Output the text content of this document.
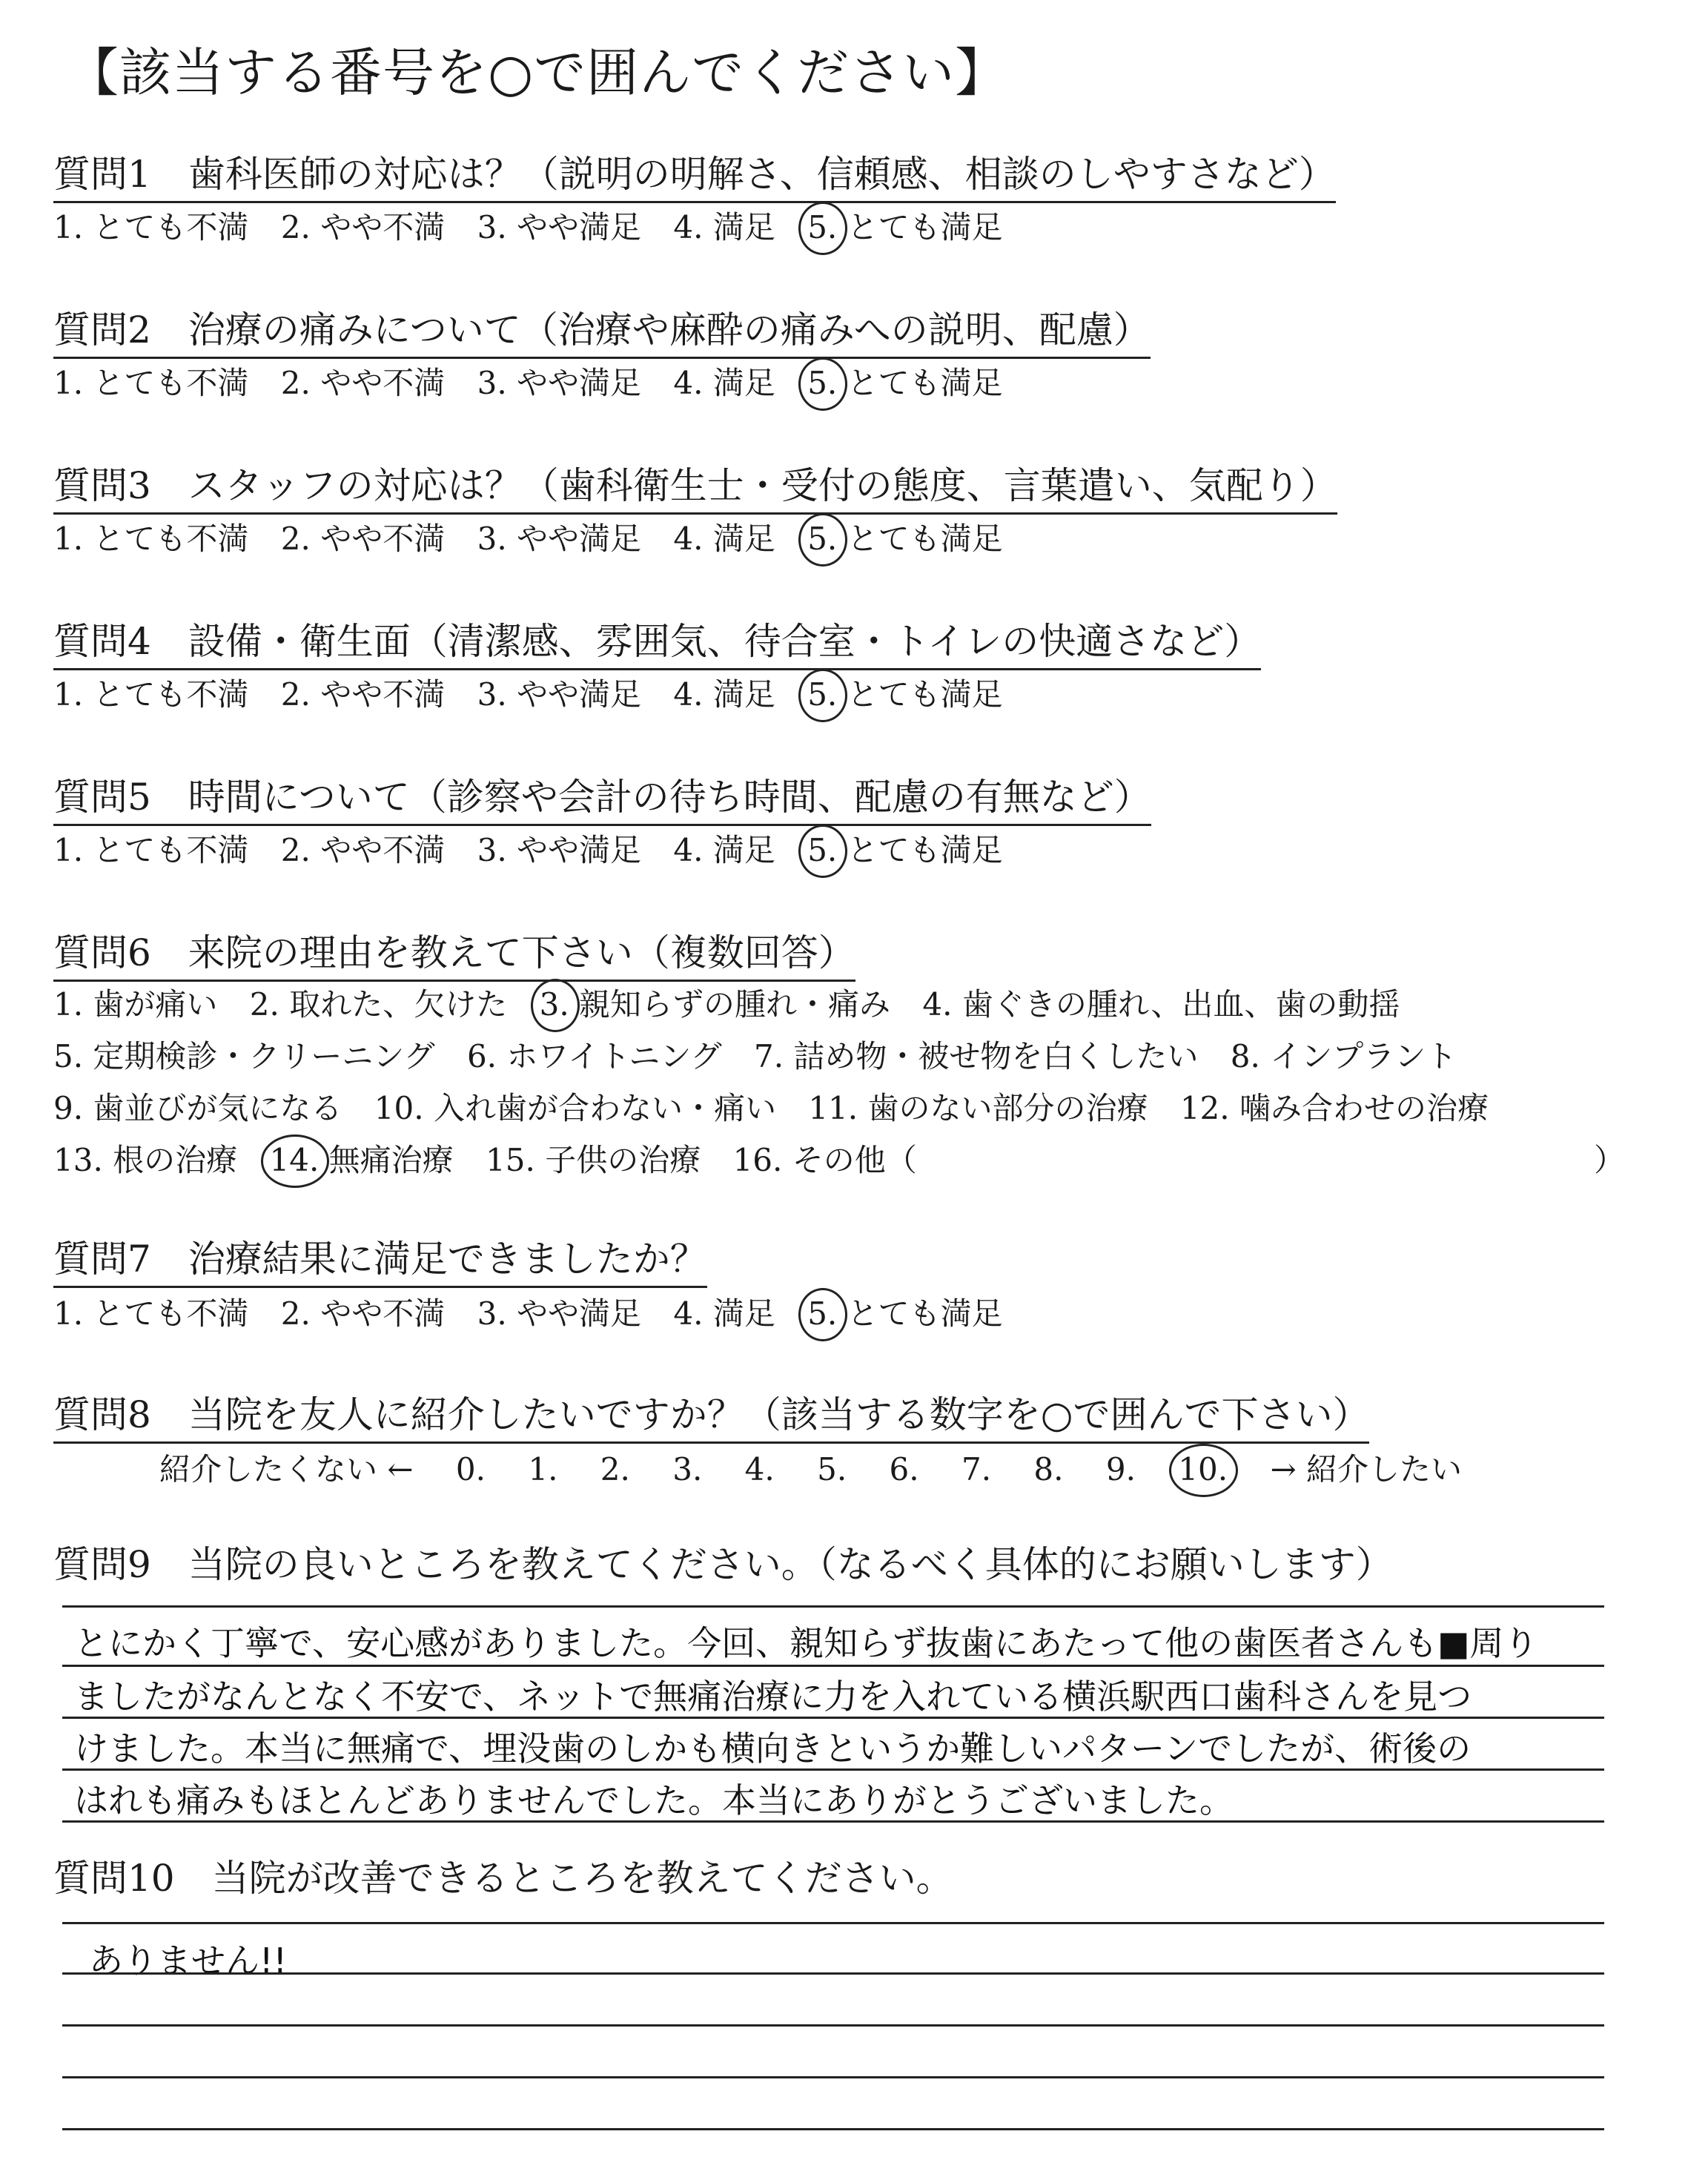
【該当する番号を○で囲んでください】
質問1　歯科医師の対応は？（説明の明解さ、信頼感、相談のしやすさなど）
1. とても不満 2. やや不満 3. やや満足 4. 満足 5. とても満足
質問2　治療の痛みについて（治療や麻酔の痛みへの説明、配慮）
1. とても不満 2. やや不満 3. やや満足 4. 満足 5. とても満足
質問3　スタッフの対応は？（歯科衛生士・受付の態度、言葉遣い、気配り）
1. とても不満 2. やや不満 3. やや満足 4. 満足 5. とても満足
質問4　設備・衛生面（清潔感、雰囲気、待合室・トイレの快適さなど）
1. とても不満 2. やや不満 3. やや満足 4. 満足 5. とても満足
質問5　時間について（診察や会計の待ち時間、配慮の有無など）
1. とても不満 2. やや不満 3. やや満足 4. 満足 5. とても満足
質問6　来院の理由を教えて下さい（複数回答）
1. 歯が痛い 2. 取れた、欠けた 3. 親知らずの腫れ・痛み 4. 歯ぐきの腫れ、出血、歯の動揺
5. 定期検診・クリーニング 6. ホワイトニング 7. 詰め物・被せ物を白くしたい 8. インプラント
9. 歯並びが気になる 10. 入れ歯が合わない・痛い 11. 歯のない部分の治療 12. 噛み合わせの治療
13. 根の治療 14. 無痛治療 15. 子供の治療 16. その他（	）
質問7　治療結果に満足できましたか？
1. とても不満 2. やや不満 3. やや満足 4. 満足 5. とても満足
質問8　当院を友人に紹介したいですか？（該当する数字を○で囲んで下さい）
紹介したくない ← 0. 1. 2. 3. 4. 5. 6. 7. 8. 9. 10. → 紹介したい
質問9　当院の良いところを教えてください。（なるべく具体的にお願いします）
とにかく丁寧で、安心感がありました。今回、親知らず抜歯にあたって他の歯医者さんも■周り
ましたがなんとなく不安で、ネットで無痛治療に力を入れている横浜駅西口歯科さんを見つ
けました。本当に無痛で、埋没歯のしかも横向きというか難しいパターンでしたが、術後の
はれも痛みもほとんどありませんでした。本当にありがとうございました。
質問10　当院が改善できるところを教えてください。
ありません!!
